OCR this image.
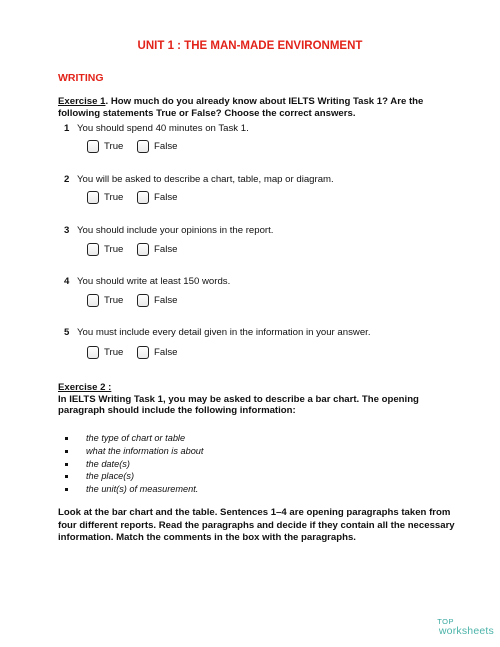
UNIT 1 : THE MAN-MADE ENVIRONMENT
WRITING
Exercise 1. How much do you already know about IELTS Writing Task 1? Are the following statements True or False? Choose the correct answers.
1 You should spend 40 minutes on Task 1.
True	False
2 You will be asked to describe a chart, table, map or diagram.
True	False
3 You should include your opinions in the report.
True	False
4 You should write at least 150 words.
True	False
5 You must include every detail given in the information in your answer.
True	False
Exercise 2 :
In IELTS Writing Task 1, you may be asked to describe a bar chart. The opening paragraph should include the following information:
the type of chart or table
what the information is about
the date(s)
the place(s)
the unit(s) of measurement.
Look at the bar chart and the table. Sentences 1–4 are opening paragraphs taken from four different reports. Read the paragraphs and decide if they contain all the necessary information. Match the comments in the box with the paragraphs.
TOP
worksheets
